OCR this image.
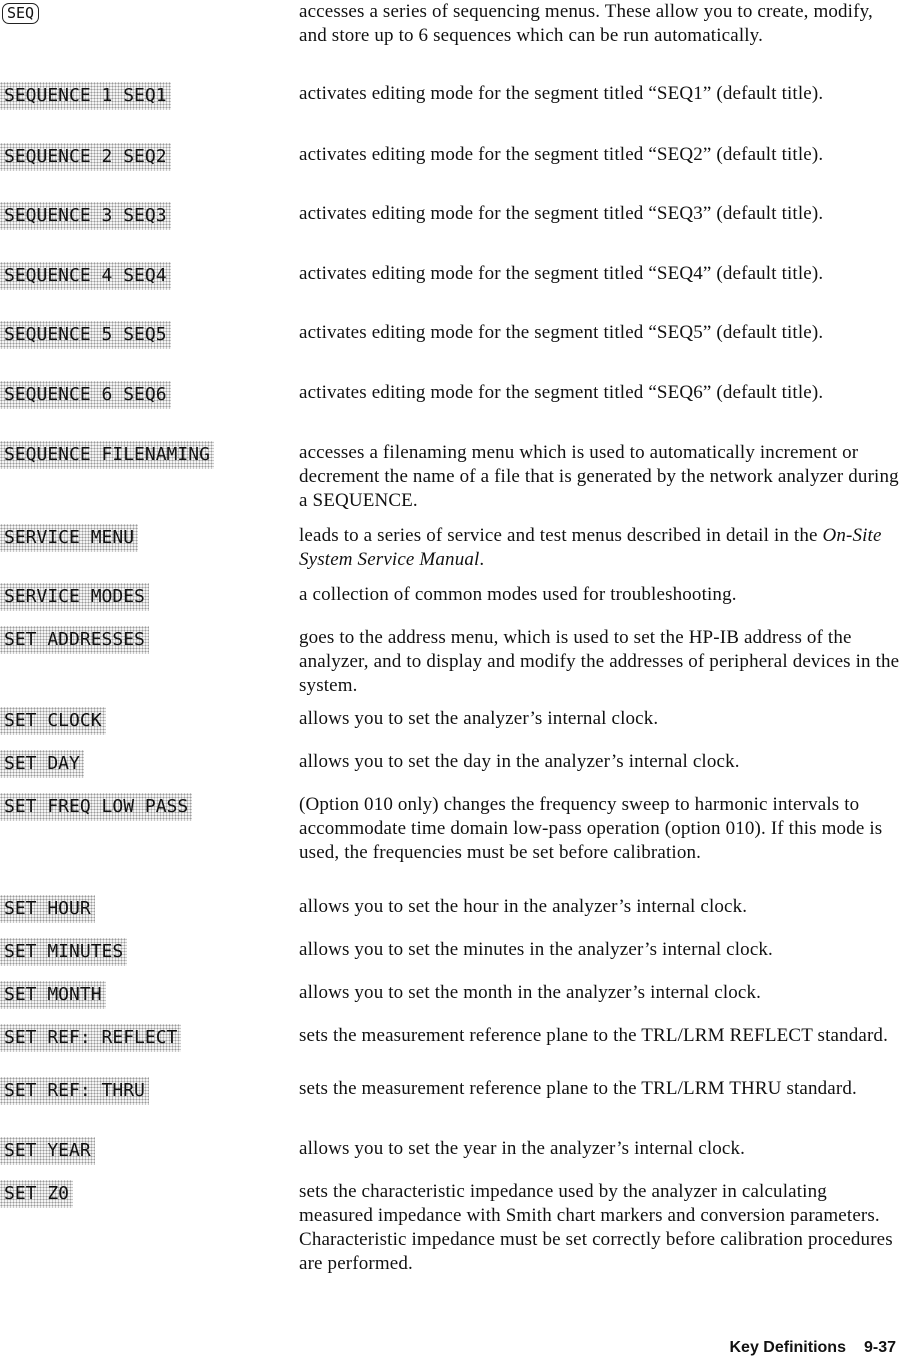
SEQ	accesses a series of sequencing menus. These allow you to create, modify, and store up to 6 sequences which can be run automatically.
SEQUENCE 1 SEQ1	activates editing mode for the segment titled “SEQ1” (default title).
SEQUENCE 2 SEQ2	activates editing mode for the segment titled “SEQ2” (default title).
SEQUENCE 3 SEQ3	activates editing mode for the segment titled “SEQ3” (default title).
SEQUENCE 4 SEQ4	activates editing mode for the segment titled “SEQ4” (default title).
SEQUENCE 5 SEQ5	activates editing mode for the segment titled “SEQ5” (default title).
SEQUENCE 6 SEQ6	activates editing mode for the segment titled “SEQ6” (default title).
SEQUENCE FILENAMING	accesses a filenaming menu which is used to automatically increment or decrement the name of a file that is generated by the network analyzer during a SEQUENCE.
SERVICE MENU	leads to a series of service and test menus described in detail in the On-Site System Service Manual.
SERVICE MODES	a collection of common modes used for troubleshooting.
SET ADDRESSES	goes to the address menu, which is used to set the HP-IB address of the analyzer, and to display and modify the addresses of peripheral devices in the system.
SET CLOCK	allows you to set the analyzer’s internal clock.
SET DAY	allows you to set the day in the analyzer’s internal clock.
SET FREQ LOW PASS	(Option 010 only) changes the frequency sweep to harmonic intervals to accommodate time domain low-pass operation (option 010). If this mode is used, the frequencies must be set before calibration.
SET HOUR	allows you to set the hour in the analyzer’s internal clock.
SET MINUTES	allows you to set the minutes in the analyzer’s internal clock.
SET MONTH	allows you to set the month in the analyzer’s internal clock.
SET REF: REFLECT	sets the measurement reference plane to the TRL/LRM REFLECT standard.
SET REF: THRU	sets the measurement reference plane to the TRL/LRM THRU standard.
SET YEAR	allows you to set the year in the analyzer’s internal clock.
SET Z0	sets the characteristic impedance used by the analyzer in calculating measured impedance with Smith chart markers and conversion parameters. Characteristic impedance must be set correctly before calibration procedures are performed.
Key Definitions 9-37
